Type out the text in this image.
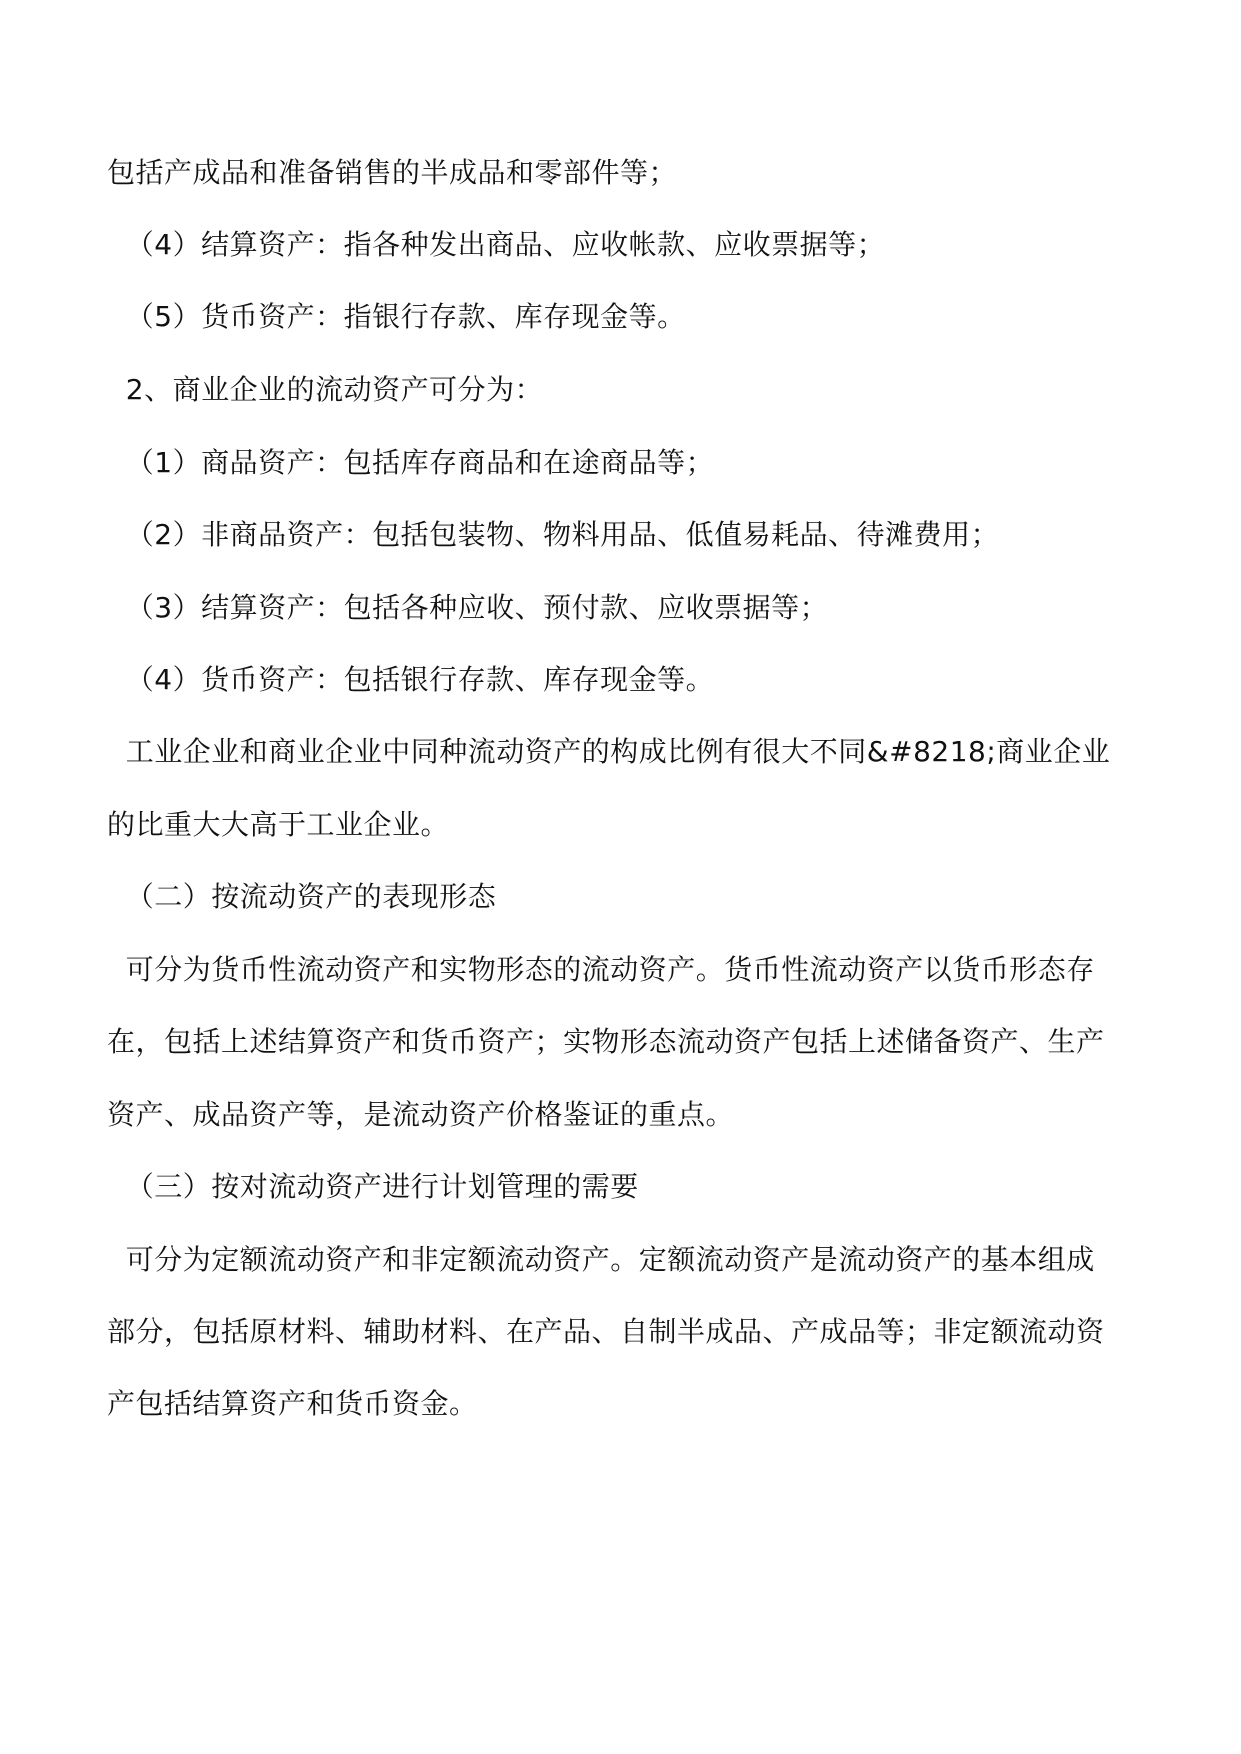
包括产成品和准备销售的半成品和零部件等；
（4）结算资产：指各种发出商品、应收帐款、应收票据等；
（5）货币资产：指银行存款、库存现金等。
2、商业企业的流动资产可分为：
（1）商品资产：包括库存商品和在途商品等；
（2）非商品资产：包括包装物、物料用品、低值易耗品、待滩费用；
（3）结算资产：包括各种应收、预付款、应收票据等；
（4）货币资产：包括银行存款、库存现金等。
工业企业和商业企业中同种流动资产的构成比例有很大不同&#8218;商业企业
的比重大大高于工业企业。
（二）按流动资产的表现形态
可分为货币性流动资产和实物形态的流动资产。货币性流动资产以货币形态存
在，包括上述结算资产和货币资产；实物形态流动资产包括上述储备资产、生产
资产、成品资产等，是流动资产价格鉴证的重点。
（三）按对流动资产进行计划管理的需要
可分为定额流动资产和非定额流动资产。定额流动资产是流动资产的基本组成
部分，包括原材料、辅助材料、在产品、自制半成品、产成品等；非定额流动资
产包括结算资产和货币资金。
